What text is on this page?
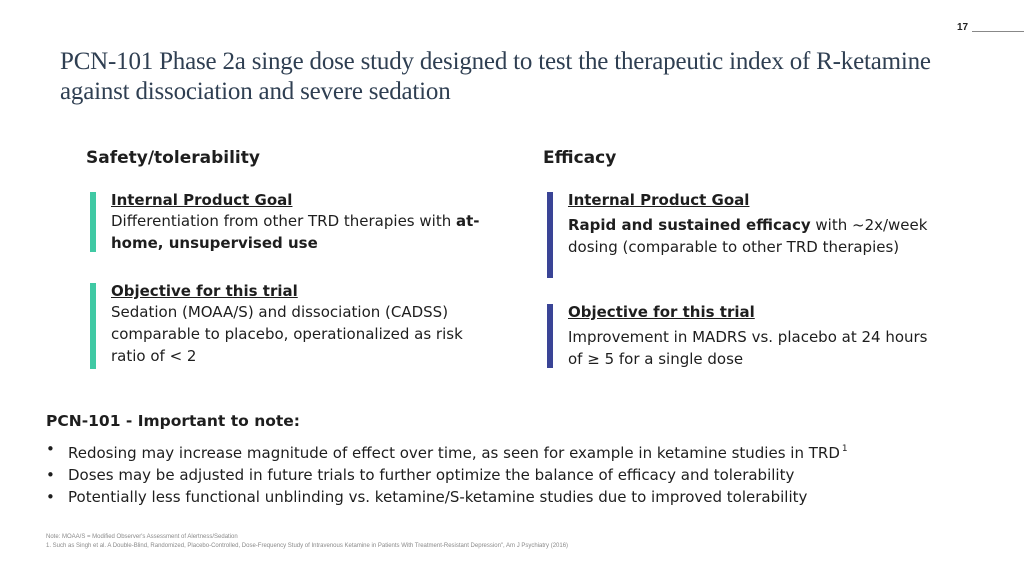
17
PCN-101 Phase 2a singe dose study designed to test the therapeutic index of R-ketamine against dissociation and severe sedation
Safety/tolerability

Internal Product Goal

Differentiation from other TRD therapies with at-home, unsupervised use

Objective for this trial

Sedation (MOAA/S) and dissociation (CADSS) comparable to placebo, operationalized as risk ratio of < 2

Efficacy

Internal Product Goal

Rapid and sustained efficacy with ~2x/week dosing (comparable to other TRD therapies)

Objective for this trial

Improvement in MADRS vs. placebo at 24 hours of ≥ 5 for a single dose

PCN-101 - Important to note:
• Redosing may increase magnitude of effect over time, as seen for example in ketamine studies in TRD $^1$
• Doses may be adjusted in future trials to further optimize the balance of efficacy and tolerability
• Potentially less functional unblinding vs. ketamine/S-ketamine studies due to improved tolerability

Note: MOAA/S = Modified Observer's Assessment of Alertness/Sedation

1. Such as Singh et al. A Double-Blind, Randomized, Placebo-Controlled, Dose-Frequency Study of Intravenous Ketamine in Patients With Treatment-Resistant Depression", Am J Psychiatry (2016)
